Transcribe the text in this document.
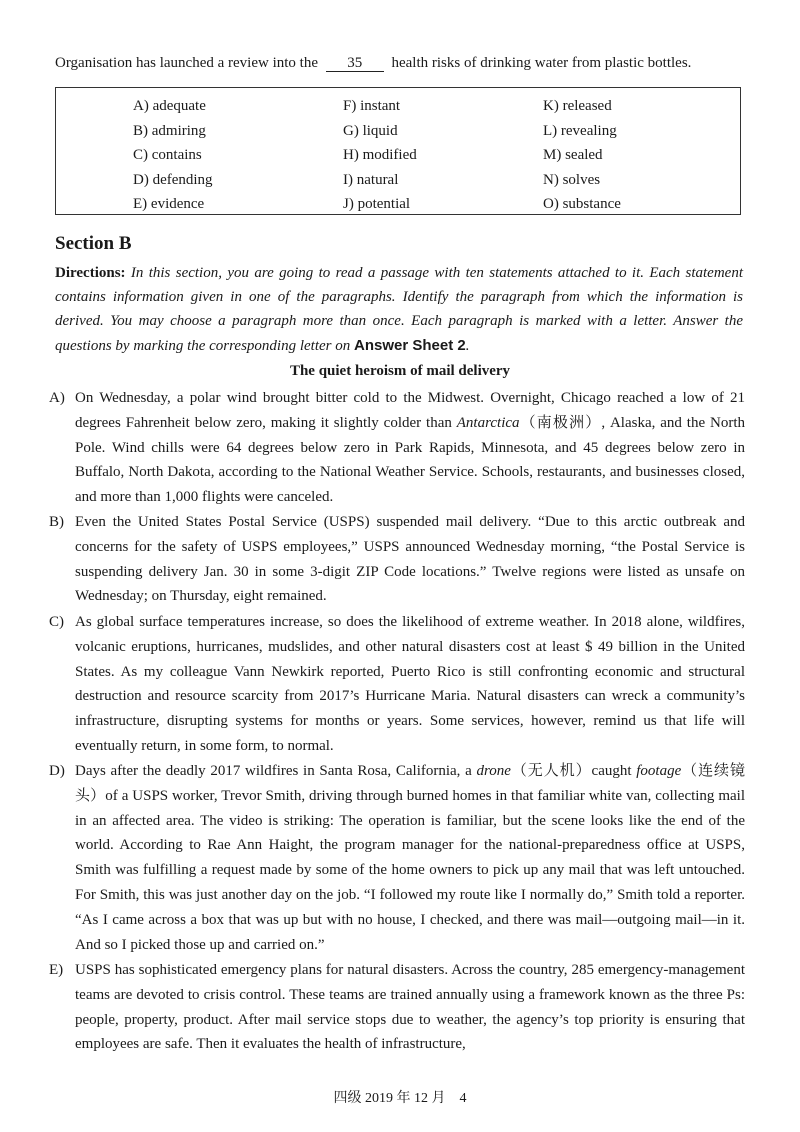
Organisation has launched a review into the 35 health risks of drinking water from plastic bottles.
A) adequate
B) admiring
C) contains
D) defending
E) evidence
F) instant
G) liquid
H) modified
I) natural
J) potential
K) released
L) revealing
M) sealed
N) solves
O) substance
Section B
Directions: In this section, you are going to read a passage with ten statements attached to it. Each statement contains information given in one of the paragraphs. Identify the paragraph from which the information is derived. You may choose a paragraph more than once. Each paragraph is marked with a letter. Answer the questions by marking the corresponding letter on Answer Sheet 2.
The quiet heroism of mail delivery
A) On Wednesday, a polar wind brought bitter cold to the Midwest. Overnight, Chicago reached a low of 21 degrees Fahrenheit below zero, making it slightly colder than Antarctica（南极洲）, Alaska, and the North Pole. Wind chills were 64 degrees below zero in Park Rapids, Minnesota, and 45 degrees below zero in Buffalo, North Dakota, according to the National Weather Service. Schools, restaurants, and businesses closed, and more than 1,000 flights were canceled.
B) Even the United States Postal Service (USPS) suspended mail delivery. “Due to this arctic outbreak and concerns for the safety of USPS employees,” USPS announced Wednesday morning, “the Postal Service is suspending delivery Jan. 30 in some 3-digit ZIP Code locations.” Twelve regions were listed as unsafe on Wednesday; on Thursday, eight remained.
C) As global surface temperatures increase, so does the likelihood of extreme weather. In 2018 alone, wildfires, volcanic eruptions, hurricanes, mudslides, and other natural disasters cost at least $ 49 billion in the United States. As my colleague Vann Newkirk reported, Puerto Rico is still confronting economic and structural destruction and resource scarcity from 2017’s Hurricane Maria. Natural disasters can wreck a community’s infrastructure, disrupting systems for months or years. Some services, however, remind us that life will eventually return, in some form, to normal.
D) Days after the deadly 2017 wildfires in Santa Rosa, California, a drone（无人机）caught footage（连续镜头）of a USPS worker, Trevor Smith, driving through burned homes in that familiar white van, collecting mail in an affected area. The video is striking: The operation is familiar, but the scene looks like the end of the world. According to Rae Ann Haight, the program manager for the national-preparedness office at USPS, Smith was fulfilling a request made by some of the home owners to pick up any mail that was left untouched. For Smith, this was just another day on the job. “I followed my route like I normally do,” Smith told a reporter. “As I came across a box that was up but with no house, I checked, and there was mail—outgoing mail—in it. And so I picked those up and carried on.”
E) USPS has sophisticated emergency plans for natural disasters. Across the country, 285 emergency-management teams are devoted to crisis control. These teams are trained annually using a framework known as the three Ps: people, property, product. After mail service stops due to weather, the agency’s top priority is ensuring that employees are safe. Then it evaluates the health of infrastructure,
四级 2019 年 12 月　4
